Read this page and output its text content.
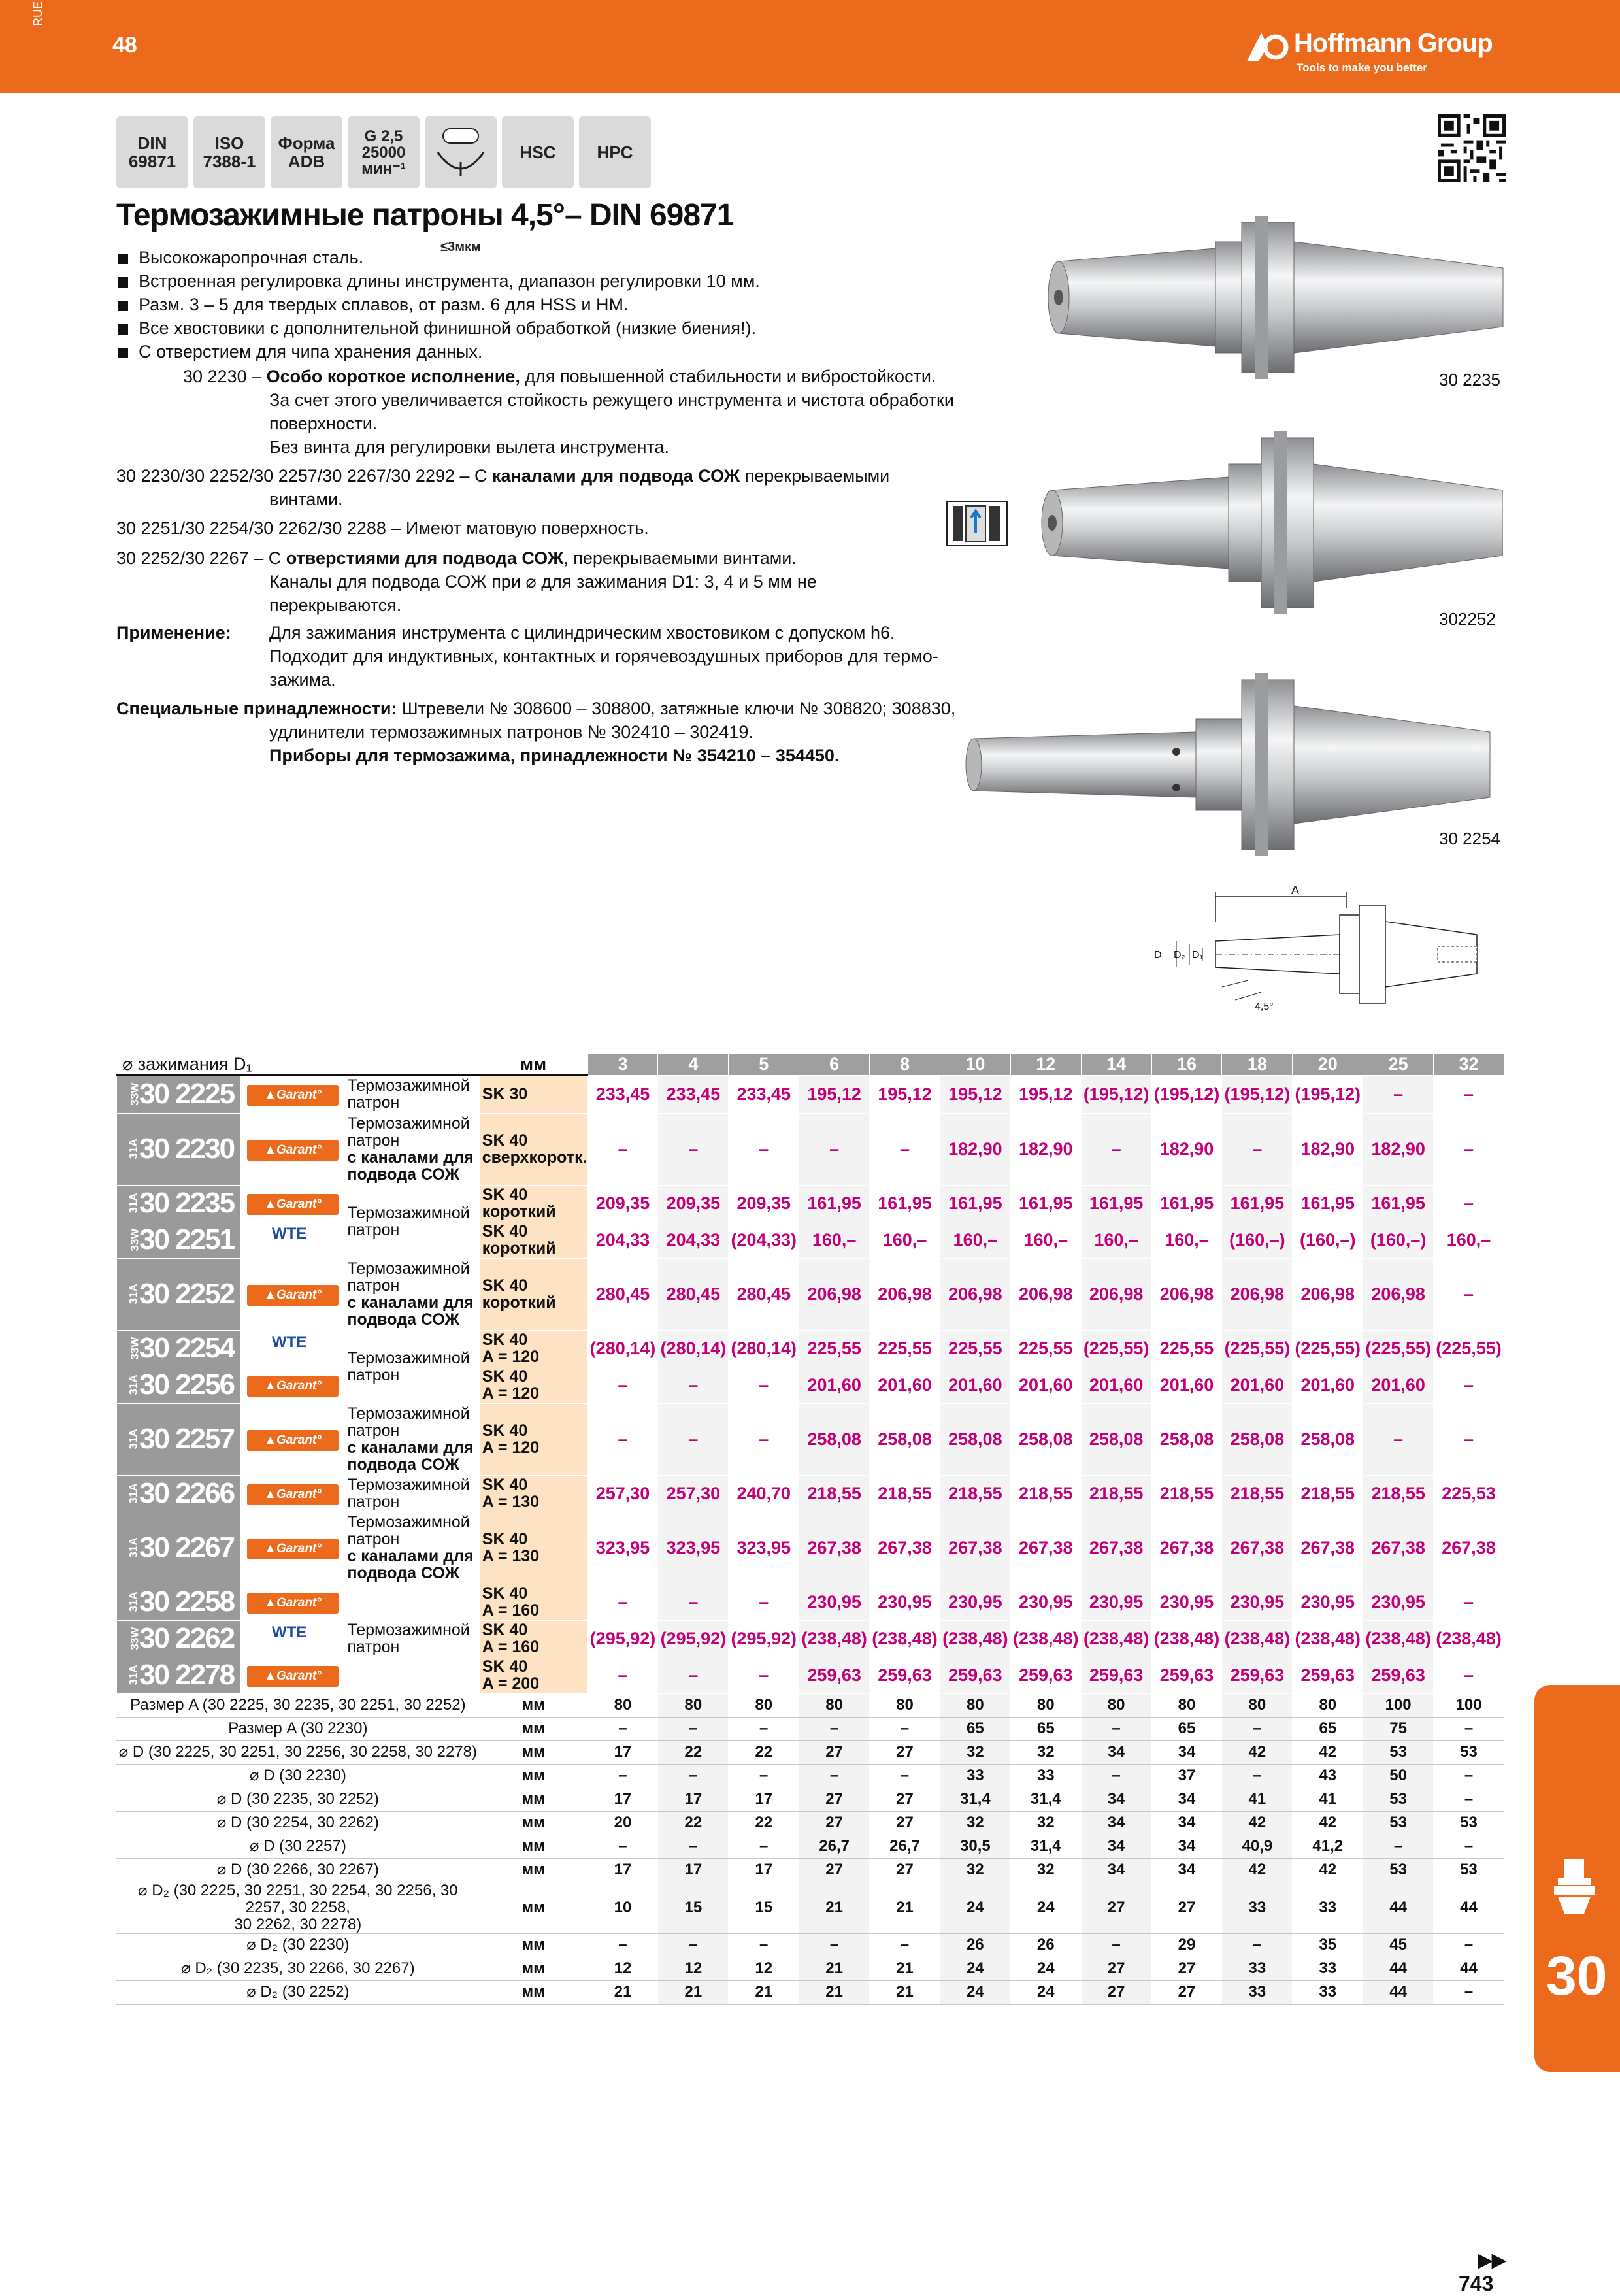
RUE
48	Hoffmann Group
Tools to make you better
DIN
69871
ISO
7388-1
Форма
ADB
G 2,5
25000
мин⁻¹
≤3мкм
HSC HPC
Термозажимные патроны 4,5°– DIN 69871
Высокожаропрочная сталь.
Встроенная регулировка длины инструмента, диапазон регулировки 10 мм.
Разм. 3 – 5 для твердых сплавов, от разм. 6 для HSS и HM.
Все хвостовики с дополнительной финишной обработкой (низкие биения!).
С отверстием для чипа хранения данных.
30 2230 – Особо короткое исполнение, для повышенной стабильности и вибростойкости.
За счет этого увеличивается стойкость режущего инструмента и чистота обработки
поверхности.
Без винта для регулировки вылета инструмента.
30 2230/30 2252/30 2257/30 2267/30 2292 – С каналами для подвода СОЖ перекрываемыми
винтами.
30 2251/30 2254/30 2262/30 2288 – Имеют матовую поверхность.
30 2252/30 2267 – С отверстиями для подвода СОЖ, перекрываемыми винтами.
Каналы для подвода СОЖ при ⌀ для зажимания D1: 3, 4 и 5 мм не
перекрываются.
Применение: Для зажимания инструмента с цилиндрическим хвостовиком с допуском h6.
Подходит для индуктивных, контактных и горячевоздушных приборов для термо-
зажима.
Специальные принадлежности: Штревели № 308600 – 308800, затяжные ключи № 308820; 308830,
удлинители термозажимных патронов № 302410 – 302419.
Приборы для термозажима, принадлежности № 354210 – 354450.
30 2235
302252
30 2254
A
D D₂ D₁
4,5°
⌀ зажимания D₁			мм	3	4	5	6	8	10	12	14	16	18	20	25	32

33W
30 2225	▲Garant°	Термозажимной
патрон	SK 30	233,45	233,45	233,45	195,12	195,12	195,12	195,12	(195,12)	(195,12)	(195,12)	(195,12)	–	–

31A 30 2230	▲Garant°	Термозажимной
патрон
с каналами для
подвода СОЖ	SK 40
сверхкоротк.	–	–	–	–	–	182,90	182,90	–	182,90	–	182,90	182,90	–

31A 30 2235	▲Garant°	Термозажимной
патрон	SK 40
короткий	209,35	209,35	209,35	161,95	161,95	161,95	161,95	161,95	161,95	161,95	161,95	161,95	–

33W
30 2251	WTE		SK 40
короткий	204,33	204,33	(204,33)	160,–	160,–	160,–	160,–	160,–	160,–	(160,–)	(160,–)	(160,–)	160,–

31A 30 2252	▲Garant°	Термозажимной
патрон
с каналами для
подвода СОЖ	SK 40
короткий	280,45	280,45	280,45	206,98	206,98	206,98	206,98	206,98	206,98	206,98	206,98	206,98	–

33W
30 2254	WTE	Термозажимной
патрон	SK 40
A = 120	(280,14)	(280,14)	(280,14)	225,55	225,55	225,55	225,55	(225,55)	225,55	(225,55)	(225,55)	(225,55)	(225,55)

31A 30 2256	▲Garant°		SK 40
A = 120	–	–	–	201,60	201,60	201,60	201,60	201,60	201,60	201,60	201,60	201,60	–

31A 30 2257	▲Garant°	Термозажимной
патрон
с каналами для
подвода СОЖ	SK 40
A = 120	–	–	–	258,08	258,08	258,08	258,08	258,08	258,08	258,08	258,08	–	–

31A 30 2266	▲Garant°	Термозажимной
патрон	SK 40
A = 130	257,30	257,30	240,70	218,55	218,55	218,55	218,55	218,55	218,55	218,55	218,55	218,55	225,53

31A 30 2267	▲Garant°	Термозажимной
патрон
с каналами для
подвода СОЖ	SK 40
A = 130	323,95	323,95	323,95	267,38	267,38	267,38	267,38	267,38	267,38	267,38	267,38	267,38	267,38

31A 30 2258	▲Garant°	Термозажимной
патрон	SK 40
A = 160	–	–	–	230,95	230,95	230,95	230,95	230,95	230,95	230,95	230,95	230,95	–

33W
30 2262	WTE		SK 40
A = 160	(295,92)	(295,92)	(295,92)	(238,48)	(238,48)	(238,48)	(238,48)	(238,48)	(238,48)	(238,48)	(238,48)	(238,48)	(238,48)

31A 30 2278	▲Garant°		SK 40
A = 200	–	–	–	259,63	259,63	259,63	259,63	259,63	259,63	259,63	259,63	259,63	–
Размер A (30 2225, 30 2235, 30 2251, 30 2252)			мм	80	80	80	80	80	80	80	80	80	80	80	100	100
Размер A (30 2230)			мм	–	–	–	–	–	65	65	–	65	–	65	75	–
⌀ D (30 2225, 30 2251, 30 2256, 30 2258, 30 2278)			мм	17	22	22	27	27	32	32	34	34	42	42	53	53
⌀ D (30 2230)			мм	–	–	–	–	–	33	33	–	37	–	43	50	–
⌀ D (30 2235, 30 2252)			мм	17	17	17	27	27	31,4	31,4	34	34	41	41	53	–
⌀ D (30 2254, 30 2262)			мм	20	22	22	27	27	32	32	34	34	42	42	53	53
⌀ D (30 2257)			мм	–	–	–	26,7	26,7	30,5	31,4	34	34	40,9	41,2	–	–
⌀ D (30 2266, 30 2267)			мм	17	17	17	27	27	32	32	34	34	42	42	53	53
⌀ D₂ (30 2225, 30 2251, 30 2254, 30 2256, 30 2257, 30 2258,
30 2262, 30 2278)			мм	10	15	15	21	21	24	24	27	27	33	33	44	44
⌀ D₂ (30 2230)			мм	–	–	–	–	–	26	26	–	29	–	35	45	–
⌀ D₂ (30 2235, 30 2266, 30 2267)			мм	12	12	12	21	21	24	24	27	27	33	33	44	44
⌀ D₂ (30 2252)			мм	21	21	21	21	21	24	24	27	27	33	33	44	– 30
▸▸
743
